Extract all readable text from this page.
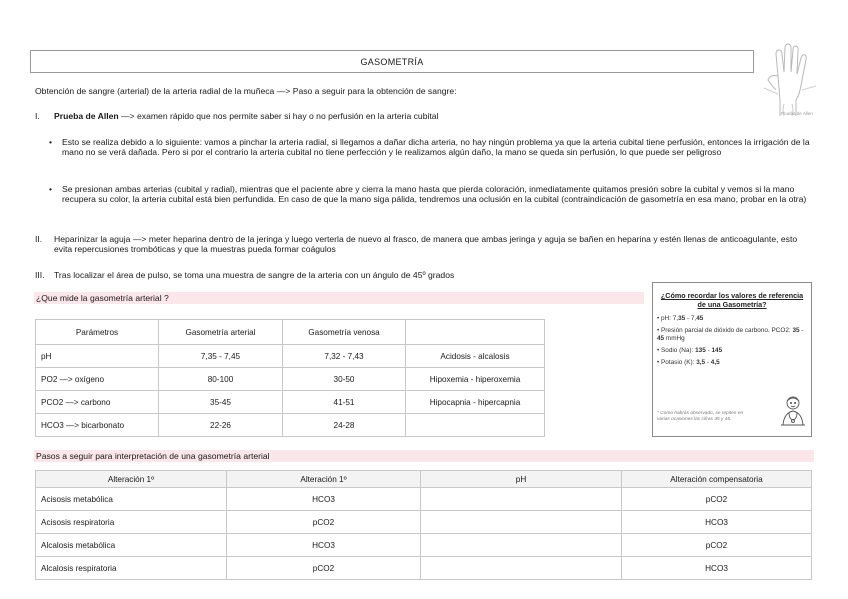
GASOMETRÍA
Prueba de Allen
Obtención de sangre (arterial) de la arteria radial de la muñeca —> Paso a seguir para la obtención de sangre:
I. Prueba de Allen —> examen rápido que nos permite saber si hay o no perfusión en la arteria cubital
• Esto se realiza debido a lo siguiente: vamos a pinchar la arteria radial, si llegamos a dañar dicha arteria, no hay ningún problema ya que la arteria cubital tiene perfusión, entonces la irrigación de la mano no se verá dañada. Pero si por el contrario la arteria cubital no tiene perfección y le realizamos algún daño, la mano se queda sin perfusión, lo que puede ser peligroso
• Se presionan ambas arterias (cubital y radial), mientras que el paciente abre y cierra la mano hasta que pierda coloración, inmediatamente quitamos presión sobre la cubital y vemos si la mano recupera su color, la arteria cubital está bien perfundida. En caso de que la mano siga pálida, tendremos una oclusión en la cubital (contraindicación de gasometría en esa mano, probar en la otra)
II. Heparinizar la aguja —> meter heparina dentro de la jeringa y luego verterla de nuevo al frasco, de manera que ambas jeringa y aguja se bañen en heparina y estén llenas de anticoagulante, esto evita repercusiones trombóticas y que la muestras pueda formar coágulos
III. Tras localizar el área de pulso, se toma una muestra de sangre de la arteria con un ángulo de 45º grados
¿Que mide la gasometría arterial ?
Parámetros	Gasometría arterial	Gasometría venosa	
pH	7,35 - 7,45	7,32 - 7,43	Acidosis - alcalosis
PO2 —> oxígeno	80-100	30-50	Hipoxemia - hiperoxemia
PCO2 —> carbono	35-45	41-51	Hipocapnia - hipercapnia
HCO3 —> bicarbonato	22-26	24-28	
¿Cómo recordar los valores de referencia de una Gasometría?
• pH: 7,35 - 7,45
• Presión parcial de dióxido de carbono. PCO2: 35 - 45 mmHg
• Sodio (Na): 135 - 145
• Potasio (K): 3,5 - 4,5
* Como habrás observado, se repiten en varias ocasiones las cifras 35 y 45.
Pasos a seguir para interpretación de una gasometría arterial
Alteración 1º	Alteración 1º	pH	Alteración compensatoria
Acisosis metabólica	HCO3		pCO2
Acisosis respiratoria	pCO2		HCO3
Alcalosis metabólica	HCO3		pCO2
Alcalosis respiratoria	pCO2		HCO3
